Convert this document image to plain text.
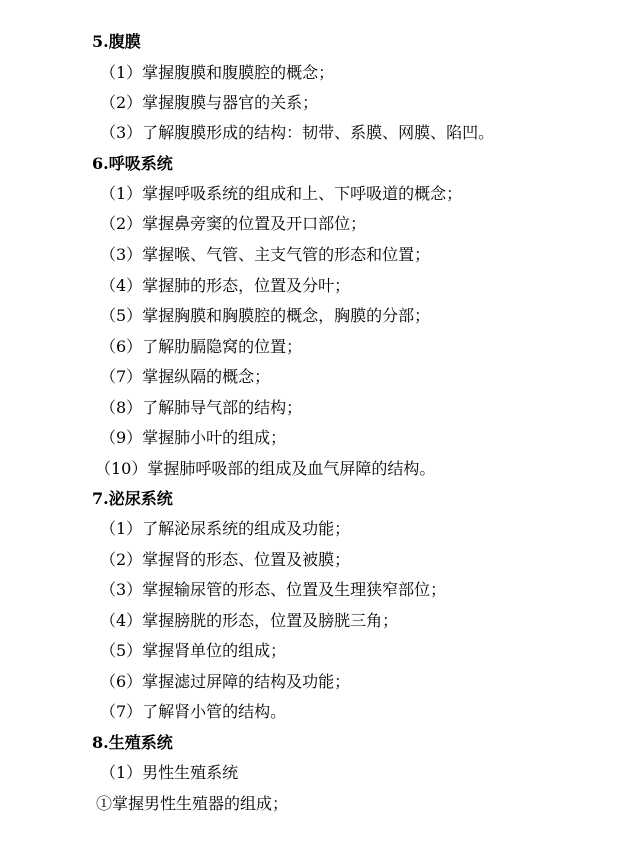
5.腹膜
（1）掌握腹膜和腹膜腔的概念；
（2）掌握腹膜与器官的关系；
（3）了解腹膜形成的结构：韧带、系膜、网膜、陷凹。
6.呼吸系统
（1）掌握呼吸系统的组成和上、下呼吸道的概念；
（2）掌握鼻旁窦的位置及开口部位；
（3）掌握喉、气管、主支气管的形态和位置；
（4）掌握肺的形态，位置及分叶；
（5）掌握胸膜和胸膜腔的概念，胸膜的分部；
（6）了解肋膈隐窝的位置；
（7）掌握纵隔的概念；
（8）了解肺导气部的结构；
（9）掌握肺小叶的组成；
（10）掌握肺呼吸部的组成及血气屏障的结构。
7.泌尿系统
（1）了解泌尿系统的组成及功能；
（2）掌握肾的形态、位置及被膜；
（3）掌握输尿管的形态、位置及生理狭窄部位；
（4）掌握膀胱的形态，位置及膀胱三角；
（5）掌握肾单位的组成；
（6）掌握滤过屏障的结构及功能；
（7）了解肾小管的结构。
8.生殖系统
（1）男性生殖系统
①掌握男性生殖器的组成；
